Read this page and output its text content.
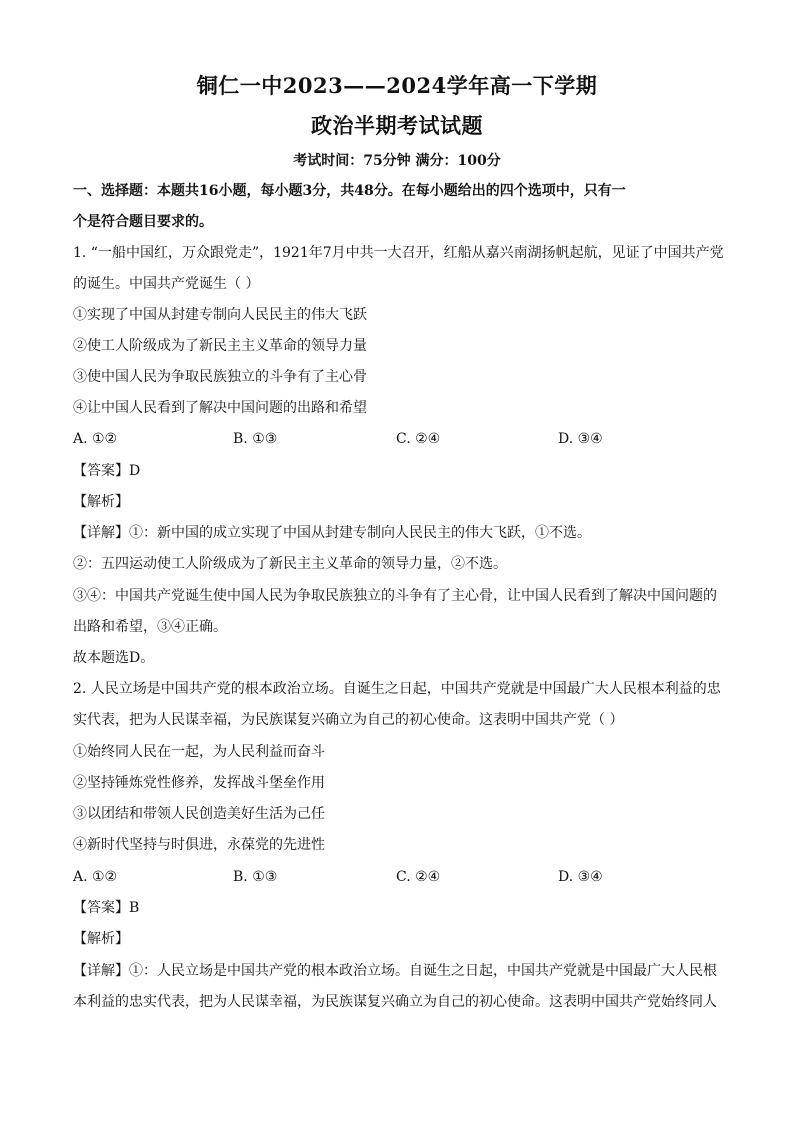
铜仁一中2023——2024学年高一下学期
政治半期考试试题
考试时间：75分钟 满分：100分
一、选择题：本题共16小题，每小题3分，共48分。在每小题给出的四个选项中，只有一
个是符合题目要求的。
1. “一船中国红，万众跟党走”，1921年7月中共一大召开，红船从嘉兴南湖扬帆起航，见证了中国共产党
的诞生。中国共产党诞生（ ）
①实现了中国从封建专制向人民民主的伟大飞跃
②使工人阶级成为了新民主主义革命的领导力量
③使中国人民为争取民族独立的斗争有了主心骨
④让中国人民看到了解决中国问题的出路和希望
A. ①②	B. ①③	C. ②④	D. ③④
【答案】D
【解析】
【详解】①：新中国的成立实现了中国从封建专制向人民民主的伟大飞跃，①不选。
②：五四运动使工人阶级成为了新民主主义革命的领导力量，②不选。
③④：中国共产党诞生使中国人民为争取民族独立的斗争有了主心骨，让中国人民看到了解决中国问题的
出路和希望，③④正确。
故本题选D。
2. 人民立场是中国共产党的根本政治立场。自诞生之日起，中国共产党就是中国最广大人民根本利益的忠
实代表，把为人民谋幸福，为民族谋复兴确立为自己的初心使命。这表明中国共产党（ ）
①始终同人民在一起，为人民利益而奋斗
②坚持锤炼党性修养，发挥战斗堡垒作用
③以团结和带领人民创造美好生活为己任
④新时代坚持与时俱进，永葆党的先进性
A. ①②	B. ①③	C. ②④	D. ③④
【答案】B
【解析】
【详解】①：人民立场是中国共产党的根本政治立场。自诞生之日起，中国共产党就是中国最广大人民根
本利益的忠实代表，把为人民谋幸福，为民族谋复兴确立为自己的初心使命。这表明中国共产党始终同人
